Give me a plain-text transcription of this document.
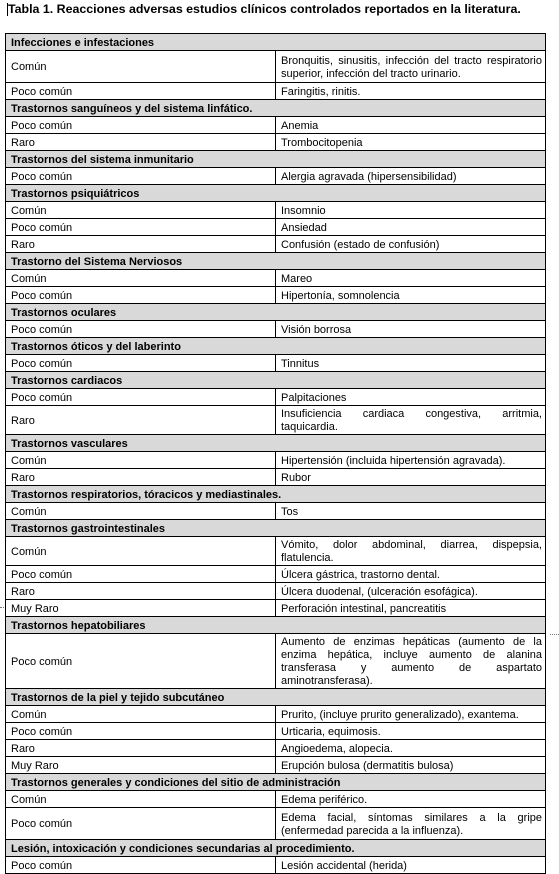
Tabla 1. Reacciones adversas estudios clínicos controlados reportados en la literatura.
Infecciones e infestaciones	
Común	Bronquitis, sinusitis, infección del tracto respiratorio superior, infección del tracto urinario.
Poco común	Faringitis, rinitis.
Trastornos sanguíneos y del sistema linfático.	
Poco común	Anemia
Raro	Trombocitopenia
Trastornos del sistema inmunitario	
Poco común	Alergia agravada (hipersensibilidad)
Trastornos psiquiátricos	
Común	Insomnio
Poco común	Ansiedad
Raro	Confusión (estado de confusión)
Trastorno del Sistema Nerviosos	
Común	Mareo
Poco común	Hipertonía, somnolencia
Trastornos oculares	
Poco común	Visión borrosa
Trastornos óticos y del laberinto	
Poco común	Tinnitus
Trastornos cardiacos	
Poco común	Palpitaciones
Raro	Insuficiencia cardiaca congestiva, arritmia, taquicardia.
Trastornos vasculares	
Común	Hipertensión (incluida hipertensión agravada).
Raro	Rubor
Trastornos respiratorios, tóracicos y mediastinales.	
Común	Tos
Trastornos gastrointestinales	
Común	Vómito, dolor abdominal, diarrea, dispepsia, flatulencia.
Poco común	Úlcera gástrica, trastorno dental.
Raro	Úlcera duodenal, (ulceración esofágica).
Muy Raro	Perforación intestinal, pancreatitis
Trastornos hepatobiliares	
Poco común	Aumento de enzimas hepáticas (aumento de la enzima hepática, incluye aumento de alanina transferasa y aumento de aspartato aminotransferasa).
Trastornos de la piel y tejido subcutáneo	
Común	Prurito, (incluye prurito generalizado), exantema.
Poco común	Urticaria, equimosis.
Raro	Angioedema, alopecia.
Muy Raro	Erupción bulosa (dermatitis bulosa)
Trastornos generales y condiciones del sitio de administración	
Común	Edema periférico.
Poco común	Edema facial, síntomas similares a la gripe (enfermedad parecida a la influenza).
Lesión, intoxicación y condiciones secundarias al procedimiento.	
Poco común	Lesión accidental (herida)
